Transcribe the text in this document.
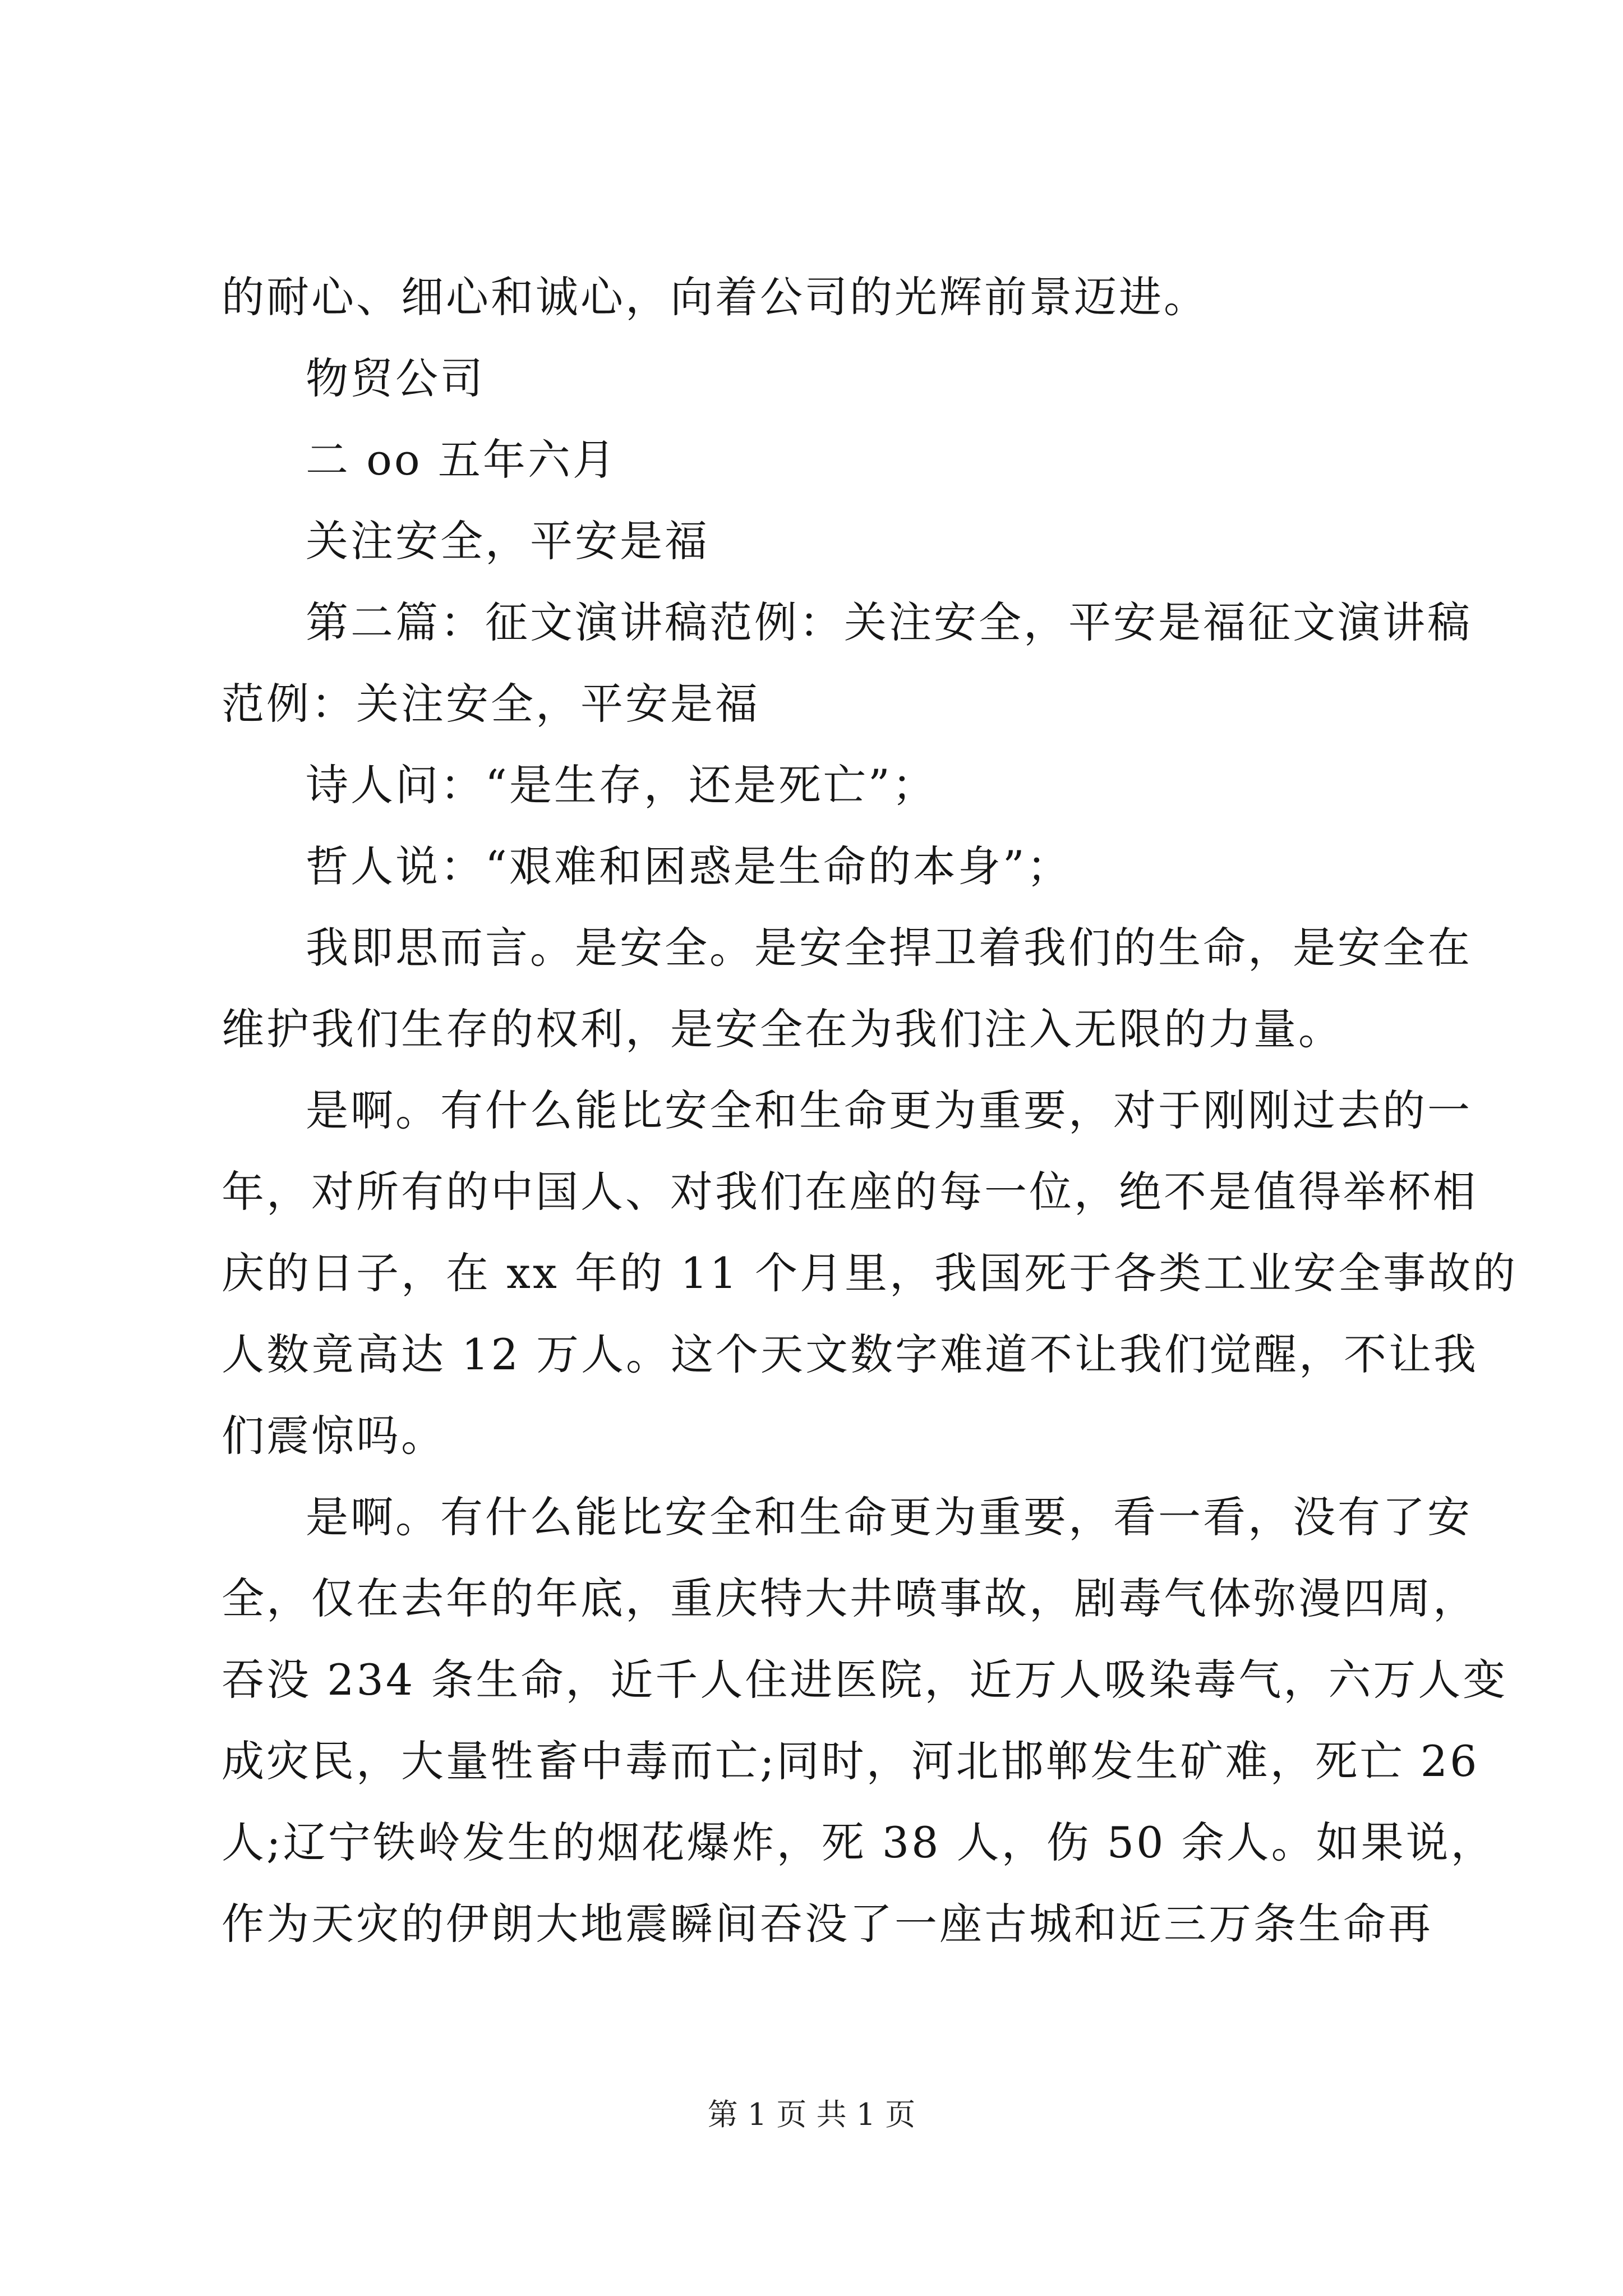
的耐心、细心和诚心，向着公司的光辉前景迈进。
物贸公司
二 oo 五年六月
关注安全，平安是福
第二篇：征文演讲稿范例：关注安全，平安是福征文演讲稿
范例：关注安全，平安是福
诗人问：“是生存，还是死亡”；
哲人说：“艰难和困惑是生命的本身”；
我即思而言。是安全。是安全捍卫着我们的生命，是安全在
维护我们生存的权利，是安全在为我们注入无限的力量。
是啊。有什么能比安全和生命更为重要，对于刚刚过去的一
年，对所有的中国人、对我们在座的每一位，绝不是值得举杯相
庆的日子，在 xx 年的 11 个月里，我国死于各类工业安全事故的
人数竟高达 12 万人。这个天文数字难道不让我们觉醒，不让我
们震惊吗。
是啊。有什么能比安全和生命更为重要，看一看，没有了安
全，仅在去年的年底，重庆特大井喷事故，剧毒气体弥漫四周，
吞没 234 条生命，近千人住进医院，近万人吸染毒气，六万人变
成灾民，大量牲畜中毒而亡;同时，河北邯郸发生矿难，死亡 26
人;辽宁铁岭发生的烟花爆炸，死 38 人，伤 50 余人。如果说，
作为天灾的伊朗大地震瞬间吞没了一座古城和近三万条生命再
第 1 页 共 1 页
